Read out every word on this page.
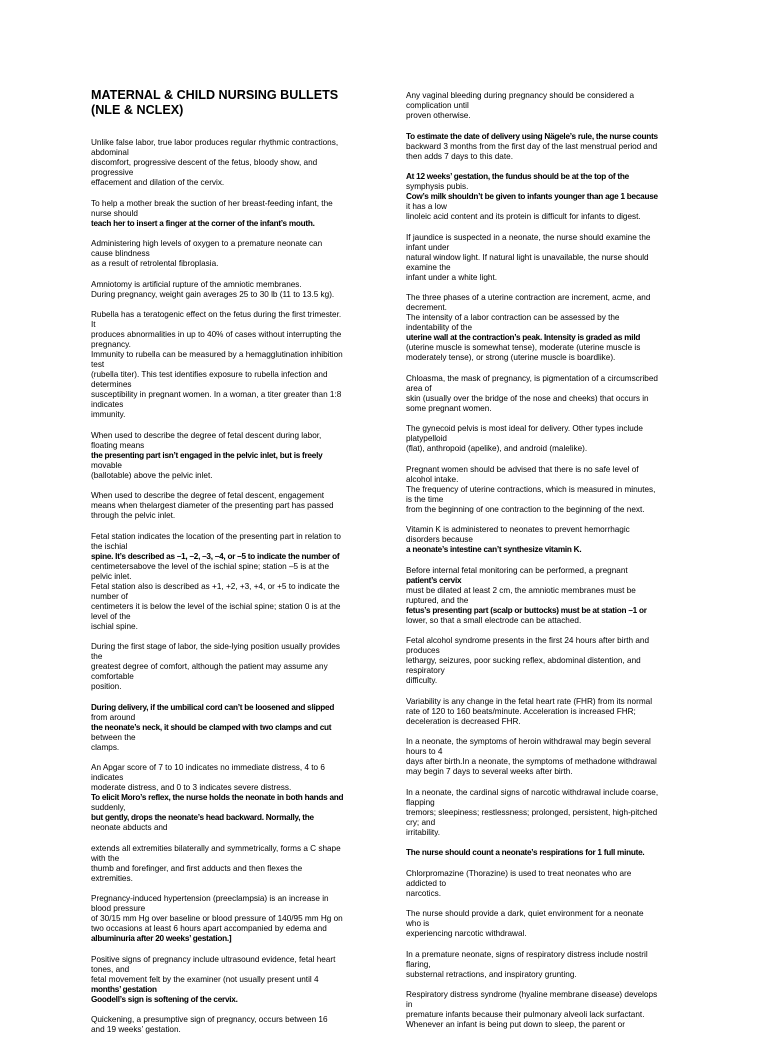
MATERNAL & CHILD NURSING BULLETS
(NLE & NCLEX)
Unlike false labor, true labor produces regular rhythmic contractions,
abdominal
discomfort, progressive descent of the fetus, bloody show, and
progressive
effacement and dilation of the cervix.
To help a mother break the suction of her breast-feeding infant, the
nurse should
teach her to insert a finger at the corner of the infant’s mouth.
Administering high levels of oxygen to a premature neonate can
cause blindness
as a result of retrolental fibroplasia.
Amniotomy is artificial rupture of the amniotic membranes.
During pregnancy, weight gain averages 25 to 30 lb (11 to 13.5 kg).
Rubella has a teratogenic effect on the fetus during the first trimester.
It
produces abnormalities in up to 40% of cases without interrupting the
pregnancy.
Immunity to rubella can be measured by a hemagglutination inhibition
test
(rubella titer). This test identifies exposure to rubella infection and
determines
susceptibility in pregnant women. In a woman, a titer greater than 1:8
indicates
immunity.
When used to describe the degree of fetal descent during labor,
floating means
the presenting part isn’t engaged in the pelvic inlet, but is freely
movable
(ballotable) above the pelvic inlet.
When used to describe the degree of fetal descent, engagement
means when thelargest diameter of the presenting part has passed
through the pelvic inlet.
Fetal station indicates the location of the presenting part in relation to
the ischial
spine. It’s described as –1, –2, –3, –4, or –5 to indicate the number of
centimetersabove the level of the ischial spine; station –5 is at the
pelvic inlet.
Fetal station also is described as +1, +2, +3, +4, or +5 to indicate the
number of
centimeters it is below the level of the ischial spine; station 0 is at the
level of the
ischial spine.
During the first stage of labor, the side-lying position usually provides
the
greatest degree of comfort, although the patient may assume any
comfortable
position.
During delivery, if the umbilical cord can’t be loosened and slipped
from around
the neonate’s neck, it should be clamped with two clamps and cut
between the
clamps.
An Apgar score of 7 to 10 indicates no immediate distress, 4 to 6
indicates
moderate distress, and 0 to 3 indicates severe distress.
To elicit Moro’s reflex, the nurse holds the neonate in both hands and
suddenly,
but gently, drops the neonate’s head backward. Normally, the
neonate abducts and
extends all extremities bilaterally and symmetrically, forms a C shape
with the
thumb and forefinger, and first adducts and then flexes the
extremities.
Pregnancy-induced hypertension (preeclampsia) is an increase in
blood pressure
of 30/15 mm Hg over baseline or blood pressure of 140/95 mm Hg on
two occasions at least 6 hours apart accompanied by edema and
albuminuria after 20 weeks’ gestation.]
Positive signs of pregnancy include ultrasound evidence, fetal heart
tones, and
fetal movement felt by the examiner (not usually present until 4
months’ gestation
Goodell’s sign is softening of the cervix.
Quickening, a presumptive sign of pregnancy, occurs between 16
and 19 weeks’ gestation.
Any vaginal bleeding during pregnancy should be considered a
complication until
proven otherwise.
To estimate the date of delivery using Nägele’s rule, the nurse counts
backward 3 months from the first day of the last menstrual period and
then adds 7 days to this date.
At 12 weeks’ gestation, the fundus should be at the top of the
symphysis pubis.
Cow’s milk shouldn’t be given to infants younger than age 1 because
it has a low
linoleic acid content and its protein is difficult for infants to digest.
If jaundice is suspected in a neonate, the nurse should examine the
infant under
natural window light. If natural light is unavailable, the nurse should
examine the
infant under a white light.
The three phases of a uterine contraction are increment, acme, and
decrement.
The intensity of a labor contraction can be assessed by the
indentability of the
uterine wall at the contraction’s peak. Intensity is graded as mild
(uterine muscle is somewhat tense), moderate (uterine muscle is
moderately tense), or strong (uterine muscle is boardlike).
Chloasma, the mask of pregnancy, is pigmentation of a circumscribed
area of
skin (usually over the bridge of the nose and cheeks) that occurs in
some pregnant women.
The gynecoid pelvis is most ideal for delivery. Other types include
platypelloid
(flat), anthropoid (apelike), and android (malelike).
Pregnant women should be advised that there is no safe level of
alcohol intake.
The frequency of uterine contractions, which is measured in minutes,
is the time
from the beginning of one contraction to the beginning of the next.
Vitamin K is administered to neonates to prevent hemorrhagic
disorders because
a neonate’s intestine can’t synthesize vitamin K.
Before internal fetal monitoring can be performed, a pregnant
patient’s cervix
must be dilated at least 2 cm, the amniotic membranes must be
ruptured, and the
fetus’s presenting part (scalp or buttocks) must be at station –1 or
lower, so that a small electrode can be attached.
Fetal alcohol syndrome presents in the first 24 hours after birth and
produces
lethargy, seizures, poor sucking reflex, abdominal distention, and
respiratory
difficulty.
Variability is any change in the fetal heart rate (FHR) from its normal
rate of 120 to 160 beats/minute. Acceleration is increased FHR;
deceleration is decreased FHR.
In a neonate, the symptoms of heroin withdrawal may begin several
hours to 4
days after birth.In a neonate, the symptoms of methadone withdrawal
may begin 7 days to several weeks after birth.
In a neonate, the cardinal signs of narcotic withdrawal include coarse,
flapping
tremors; sleepiness; restlessness; prolonged, persistent, high-pitched
cry; and
irritability.
The nurse should count a neonate’s respirations for 1 full minute.
Chlorpromazine (Thorazine) is used to treat neonates who are
addicted to
narcotics.
The nurse should provide a dark, quiet environment for a neonate
who is
experiencing narcotic withdrawal.
In a premature neonate, signs of respiratory distress include nostril
flaring,
substernal retractions, and inspiratory grunting.
Respiratory distress syndrome (hyaline membrane disease) develops
in
premature infants because their pulmonary alveoli lack surfactant.
Whenever an infant is being put down to sleep, the parent or
